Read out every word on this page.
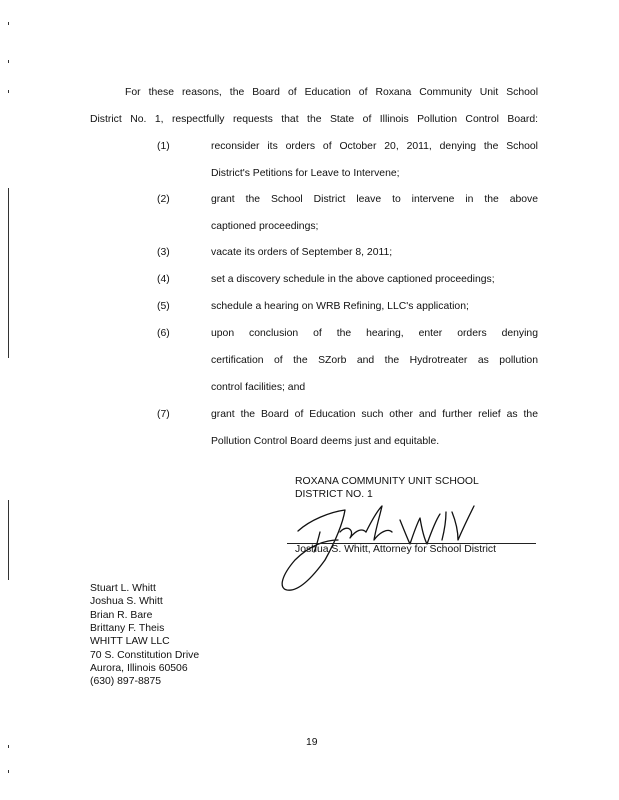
For these reasons, the Board of Education of Roxana Community Unit School
District No. 1, respectfully requests that the State of Illinois Pollution Control Board:
(1)	reconsider its orders of October 20, 2011, denying the School
District's Petitions for Leave to Intervene;
(2)	grant the School District leave to intervene in the above
captioned proceedings;
(3)	vacate its orders of September 8, 2011;
(4)	set a discovery schedule in the above captioned proceedings;
(5)	schedule a hearing on WRB Refining, LLC's application;
(6)	upon conclusion of the hearing, enter orders denying
certification of the SZorb and the Hydrotreater as pollution
control facilities; and
(7)	grant the Board of Education such other and further relief as the
Pollution Control Board deems just and equitable.
ROXANA COMMUNITY UNIT SCHOOL
DISTRICT NO. 1
Joshua S. Whitt, Attorney for School District
Stuart L. Whitt
Joshua S. Whitt
Brian R. Bare
Brittany F. Theis
WHITT LAW LLC
70 S. Constitution Drive
Aurora, Illinois 60506
(630) 897-8875
19
